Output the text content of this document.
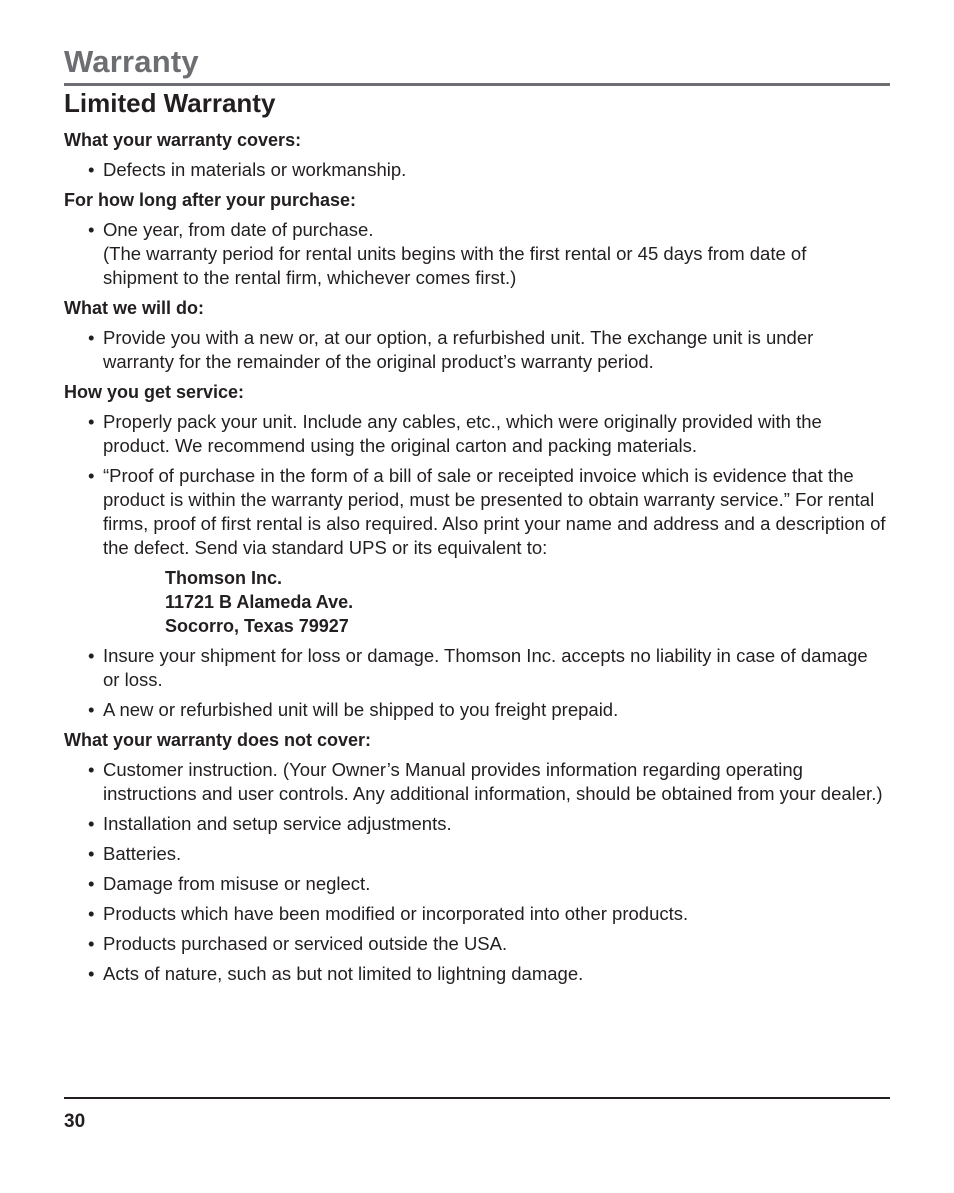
Warranty
Limited Warranty
What your warranty covers:
• Defects in materials or workmanship.
For how long after your purchase:
• One year, from date of purchase.
(The warranty period for rental units begins with the first rental or 45 days from date of shipment to the rental firm, whichever comes first.)
What we will do:
• Provide you with a new or, at our option, a refurbished unit. The exchange unit is under warranty for the remainder of the original product’s warranty period.
How you get service:
• Properly pack your unit. Include any cables, etc., which were originally provided with the product. We recommend using the original carton and packing materials.
• “Proof of purchase in the form of a bill of sale or receipted invoice which is evidence that the product is within the warranty period, must be presented to obtain warranty service.” For rental firms, proof of first rental is also required. Also print your name and address and a description of the defect. Send via standard UPS or its equivalent to:
Thomson Inc.
11721 B Alameda Ave.
Socorro, Texas 79927
• Insure your shipment for loss or damage. Thomson Inc. accepts no liability in case of damage or loss.
• A new or refurbished unit will be shipped to you freight prepaid.
What your warranty does not cover:
• Customer instruction. (Your Owner’s Manual provides information regarding operating instructions and user controls. Any additional information, should be obtained from your dealer.)
• Installation and setup service adjustments.
• Batteries.
• Damage from misuse or neglect.
• Products which have been modified or incorporated into other products.
• Products purchased or serviced outside the USA.
• Acts of nature, such as but not limited to lightning damage.
30
